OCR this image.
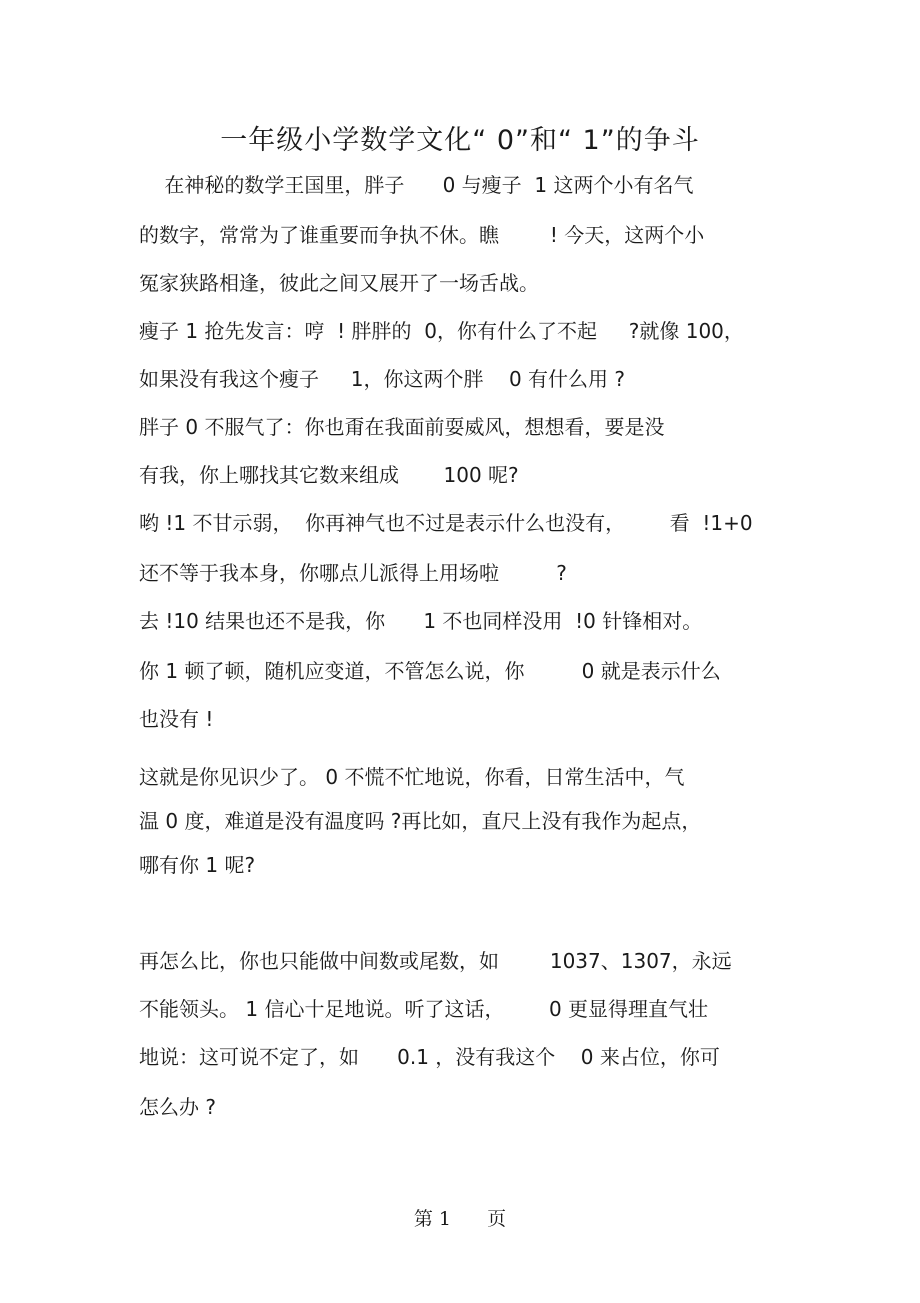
一年级小学数学文化“ 0”和“ 1”的争斗
在神秘的数学王国里，胖子      0 与瘦子  1 这两个小有名气
的数字，常常为了谁重要而争执不休。瞧        ! 今天，这两个小
冤家狭路相逢，彼此之间又展开了一场舌战。
瘦子 1 抢先发言：哼  ! 胖胖的  0，你有什么了不起     ?就像 100，
如果没有我这个瘦子     1，你这两个胖    0 有什么用 ?
胖子 0 不服气了：你也甭在我面前耍威风，想想看，要是没
有我，你上哪找其它数来组成       100 呢?
哟 !1 不甘示弱，  你再神气也不过是表示什么也没有，       看  !1+0
还不等于我本身，你哪点儿派得上用场啦         ?
去 !10 结果也还不是我，你      1 不也同样没用  !0 针锋相对。
你 1 顿了顿，随机应变道，不管怎么说，你         0 就是表示什么
也没有 !
这就是你见识少了。 0 不慌不忙地说，你看，日常生活中，气
温 0 度，难道是没有温度吗 ?再比如，直尺上没有我作为起点，
哪有你 1 呢?
再怎么比，你也只能做中间数或尾数，如        1037、1307，永远
不能领头。 1 信心十足地说。听了这话，       0 更显得理直气壮
地说：这可说不定了，如      0.1 ，没有我这个    0 来占位，你可
怎么办 ?
第 1      页
